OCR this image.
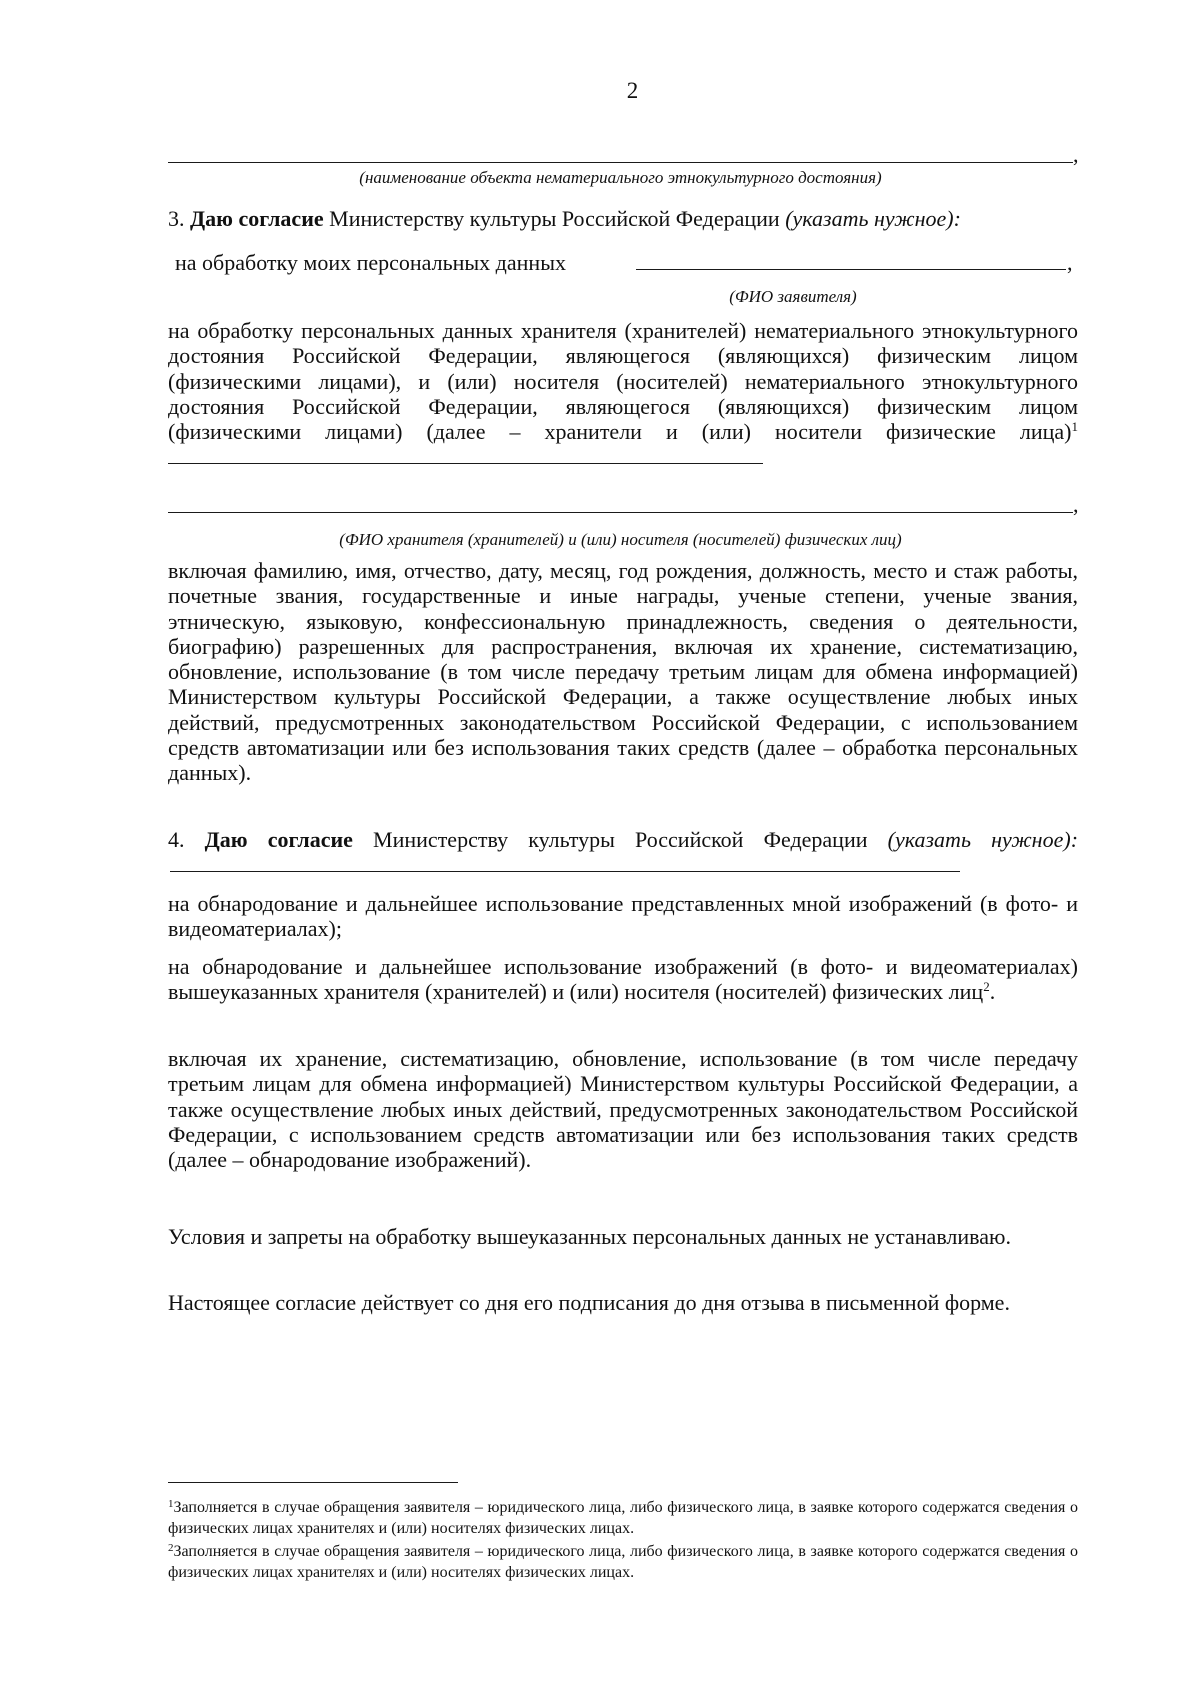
2
,
(наименование объекта нематериального этнокультурного достояния)
3. Даю согласие Министерству культуры Российской Федерации (указать нужное):
на обработку моих персональных данных	,
(ФИО заявителя)
на обработку персональных данных хранителя (хранителей) нематериального этнокультурного достояния Российской Федерации, являющегося (являющихся) физическим лицом (физическими лицами), и (или) носителя (носителей) нематериального этнокультурного достояния Российской Федерации, являющегося (являющихся) физическим лицом (физическими лицами) (далее – хранители и (или) носители физические лица)$^1$
,
(ФИО хранителя (хранителей) и (или) носителя (носителей) физических лиц)
включая фамилию, имя, отчество, дату, месяц, год рождения, должность, место и стаж работы, почетные звания, государственные и иные награды, ученые степени, ученые звания, этническую, языковую, конфессиональную принадлежность, сведения о деятельности, биографию) разрешенных для распространения, включая их хранение, систематизацию, обновление, использование (в том числе передачу третьим лицам для обмена информацией) Министерством культуры Российской Федерации, а также осуществление любых иных действий, предусмотренных законодательством Российской Федерации, с использованием средств автоматизации или без использования таких средств (далее – обработка персональных данных).
4. Даю согласие Министерству культуры Российской Федерации (указать нужное):
на обнародование и дальнейшее использование представленных мной изображений (в фото- и видеоматериалах);
на обнародование и дальнейшее использование изображений (в фото- и видеоматериалах) вышеуказанных хранителя (хранителей) и (или) носителя (носителей) физических лиц$^2$.
включая их хранение, систематизацию, обновление, использование (в том числе передачу третьим лицам для обмена информацией) Министерством культуры Российской Федерации, а также осуществление любых иных действий, предусмотренных законодательством Российской Федерации, с использованием средств автоматизации или без использования таких средств (далее – обнародование изображений).
Условия и запреты на обработку вышеуказанных персональных данных не устанавливаю.
Настоящее согласие действует со дня его подписания до дня отзыва в письменной форме.
$^1$Заполняется в случае обращения заявителя – юридического лица, либо физического лица, в заявке которого содержатся сведения о физических лицах хранителях и (или) носителях физических лицах.
$^2$Заполняется в случае обращения заявителя – юридического лица, либо физического лица, в заявке которого содержатся сведения о физических лицах хранителях и (или) носителях физических лицах.
